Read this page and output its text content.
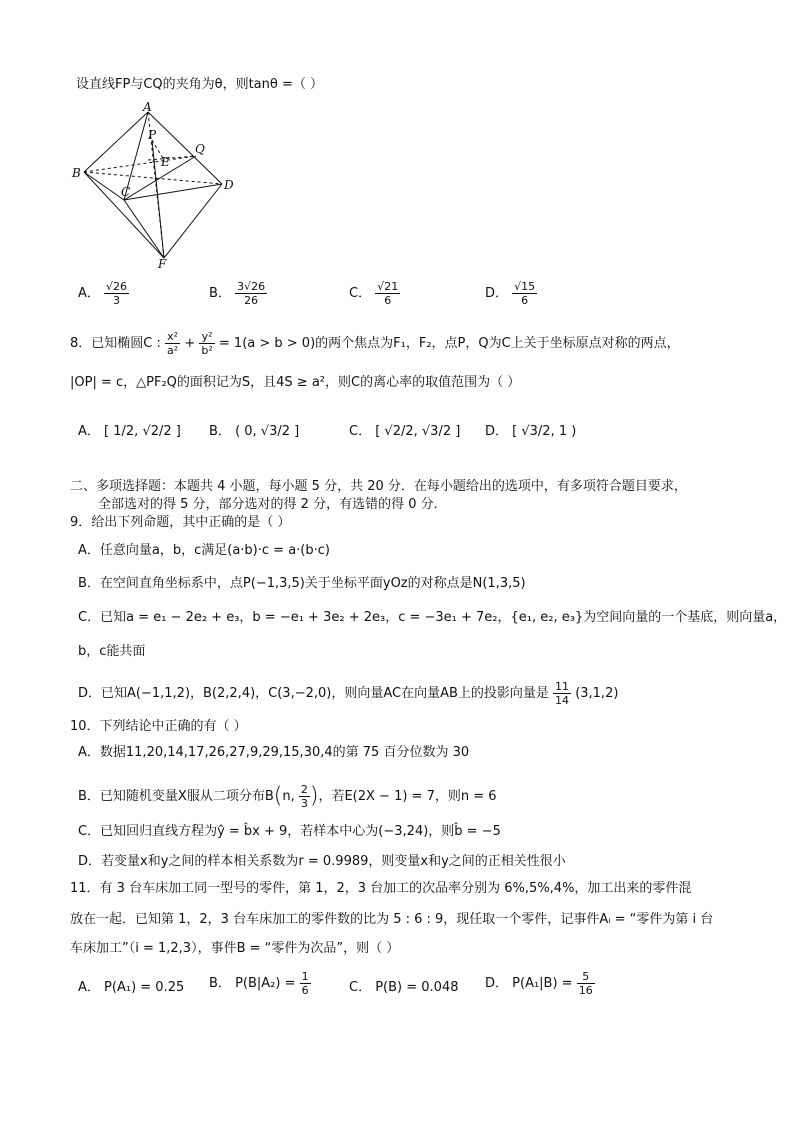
设直线FP与CQ的夹角为θ，则tanθ =（ ）
A
B
C	D
E
F
P
Q
A． $\frac{√26}{3}$	B． $\frac{3√26}{26}$	C． $\frac{√21}{6}$	D． $\frac{√15}{6}$
8．已知椭圆C : $\frac{\text{x²}}{\text{a²}} + \frac{\text{y²}}{\text{b²}} = 1(a > b > 0)$的两个焦点为F₁，F₂，点P，Q为C上关于坐标原点对称的两点，
|OP| = c，△PF₂Q的面积记为S，且4S ≥ a²，则C的离心率的取值范围为（ ）
A． [ 1/2, √2/2 ] B． ( 0, √3/2 ]	C． [ √2/2, √3/2 ] D． [ √3/2, 1 )
二、多项选择题：本题共 4 小题，每小题 5 分，共 20 分．在每小题给出的选项中，有多项符合题目要求，
全部选对的得 5 分，部分选对的得 2 分，有选错的得 0 分．
9．给出下列命题，其中正确的是（ ）
A．任意向量a，b，c满足(a·b)·c = a·(b·c)
B．在空间直角坐标系中，点P(−1,3,5)关于坐标平面yOz的对称点是N(1,3,5)
C．已知a = e₁ − 2e₂ + e₃，b = −e₁ + 3e₂ + 2e₃，c = −3e₁ + 7e₂，{e₁, e₂, e₃}为空间向量的一个基底，则向量a，
b，c能共面
D．已知A(−1,1,2)，B(2,2,4)，C(3,−2,0)，则向量AC在向量AB上的投影向量是 $\frac{11}{14} (3,1,2)$
10．下列结论中正确的有（ ）
A．数据11,20,14,17,26,27,9,29,15,30,4的第 75 百分位数为 30
B．已知随机变量X服从二项分布B(n, $\frac{2}{3}$ )，若E(2X − 1) = 7，则n = 6
C．已知回归直线方程为ŷ = b̂x + 9，若样本中心为(−3,24)，则b̂ = −5
D．若变量x和y之间的样本相关系数为r = 0.9989，则变量x和y之间的正相关性很小
11．有 3 台车床加工同一型号的零件，第 1，2，3 台加工的次品率分别为 6%,5%,4%，加工出来的零件混
放在一起．已知第 1，2，3 台车床加工的零件数的比为 5 : 6 : 9，现任取一个零件，记事件Aᵢ = “零件为第 i 台
车床加工”（i = 1,2,3），事件B = “零件为次品”，则（ ）
A． P(A₁) = 0.25 B． $P(B|A_2) = \frac{1}{6}$	C． P(B) = 0.048 D． $P(A_1|B) = \frac{5}{16}$
